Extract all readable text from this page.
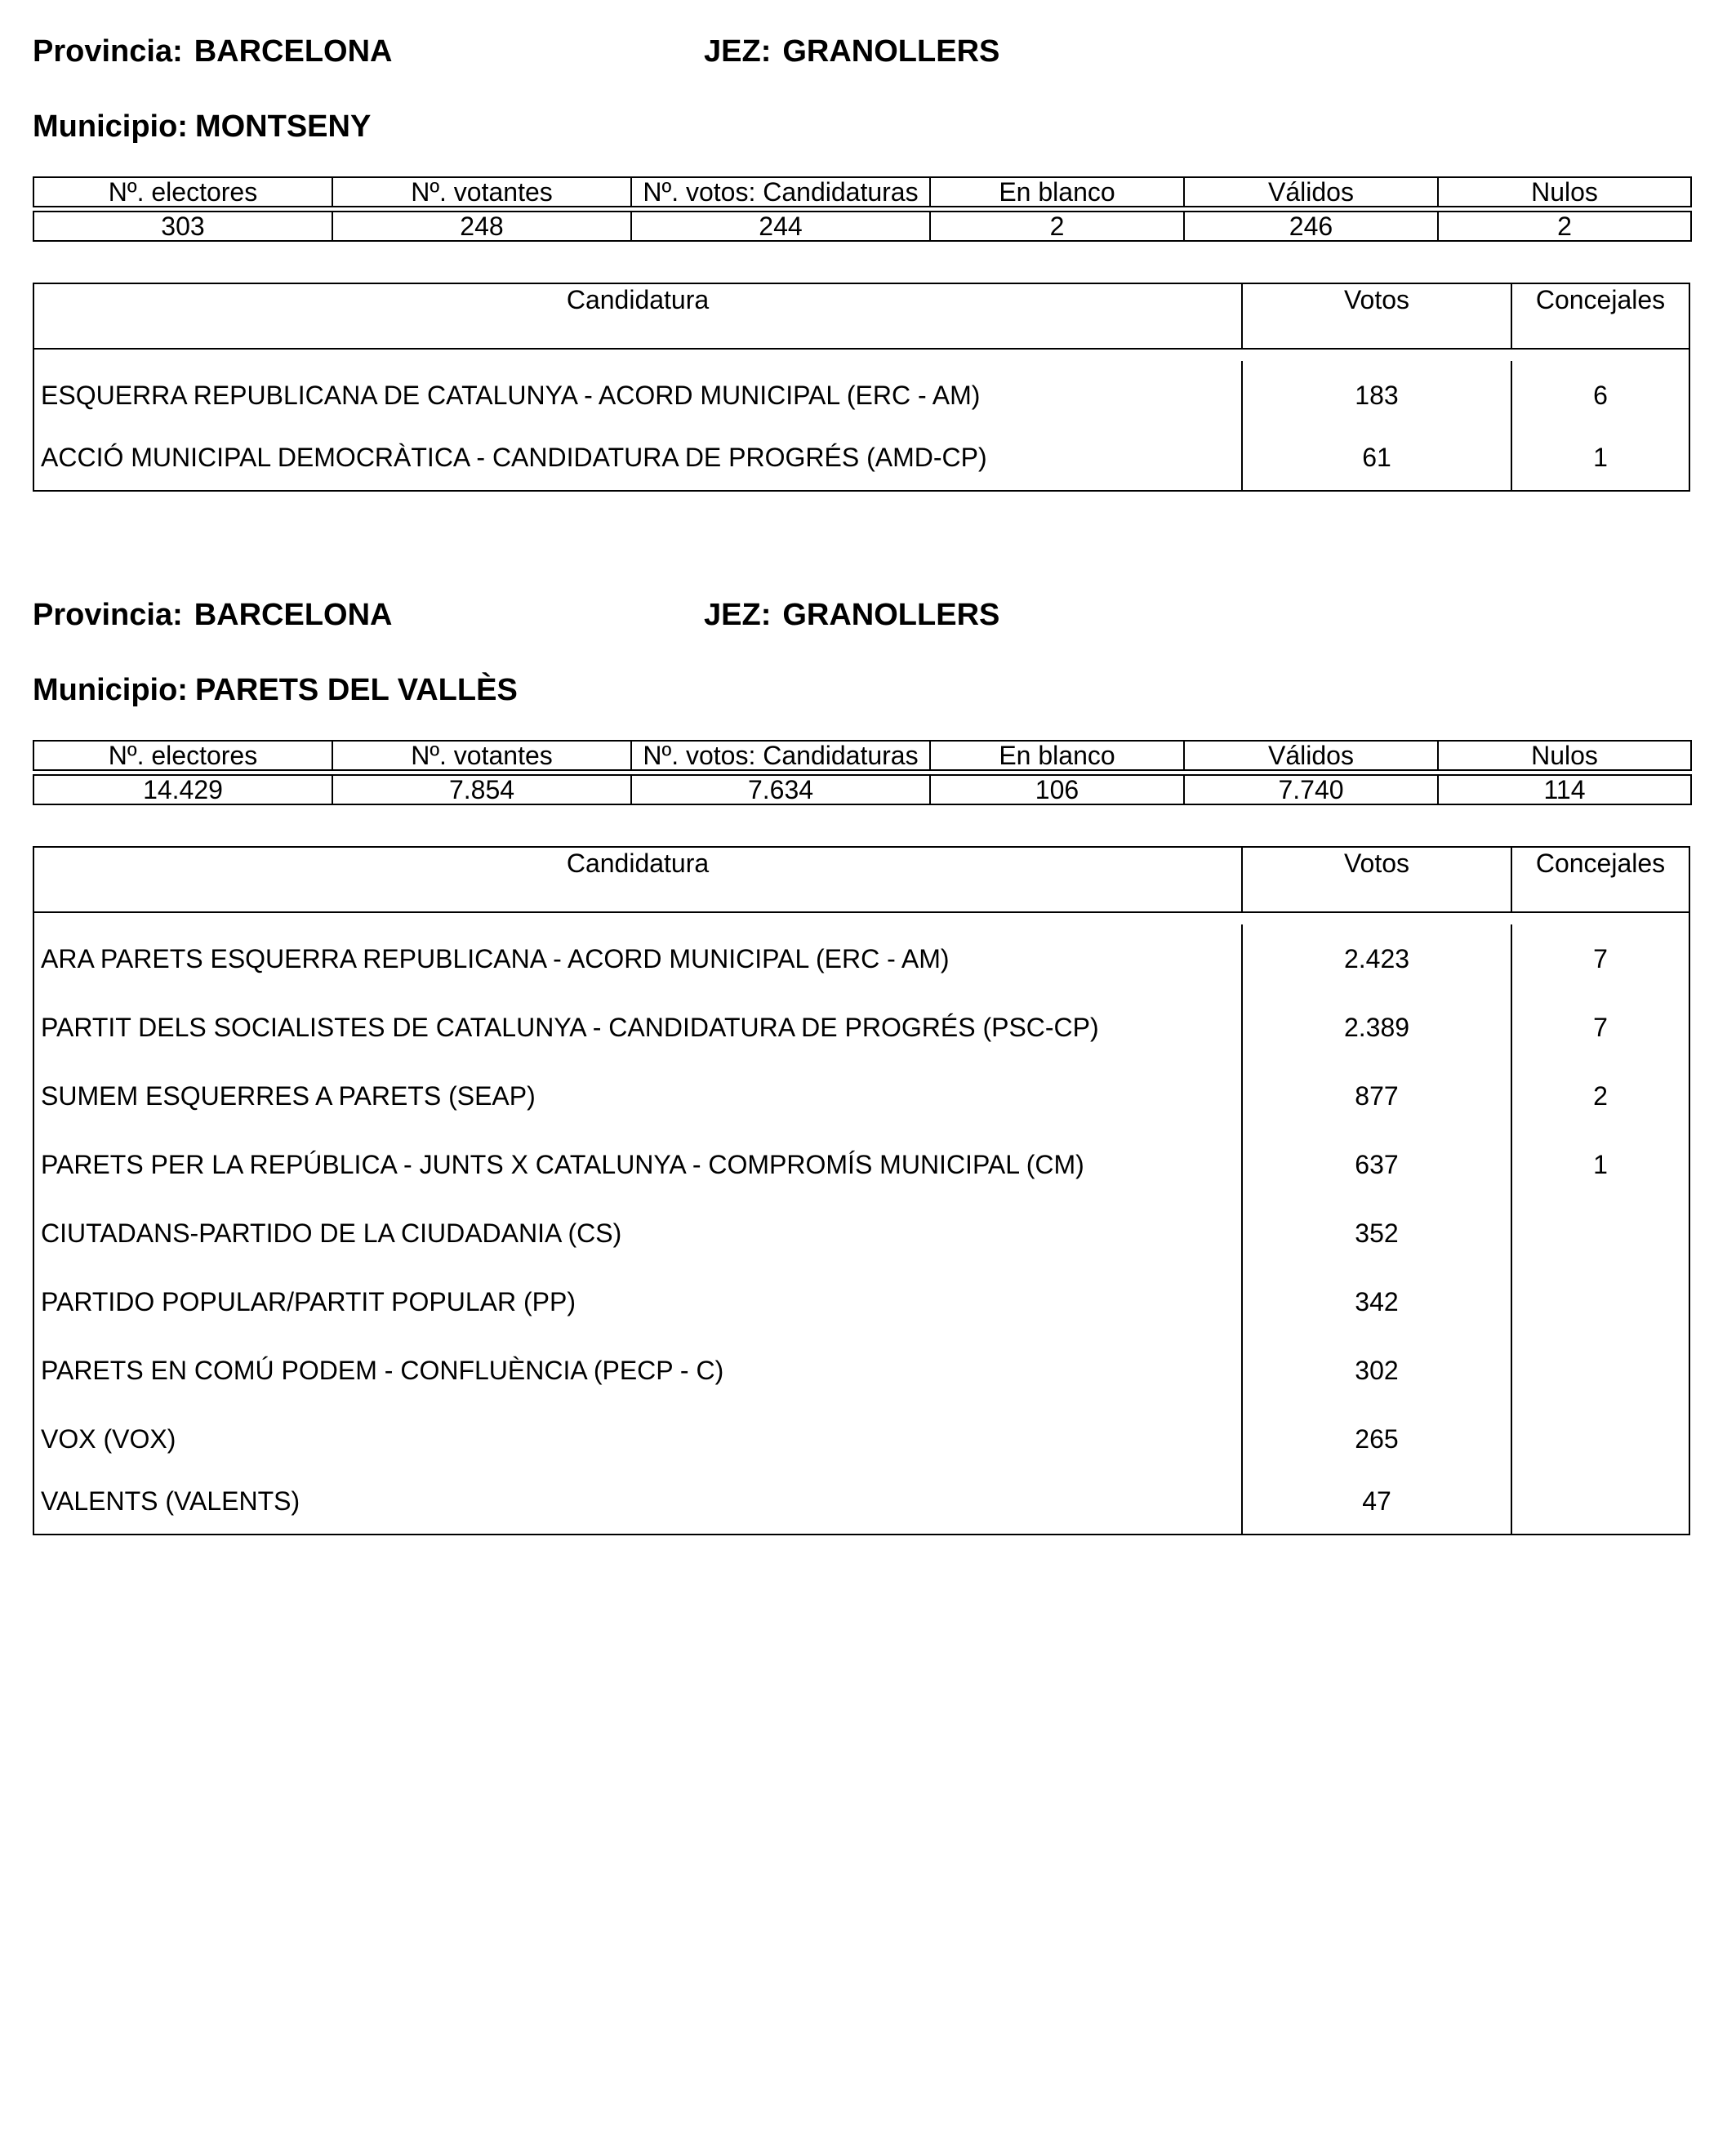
Provincia: BARCELONA	JEZ: GRANOLLERS
Municipio: MONTSENY
Nº. electores	Nº. votantes	Nº. votos: Candidaturas	En blanco	Válidos	Nulos

303	248	244	2	246	2
Candidatura	Votos	Concejales
ESQUERRA REPUBLICANA DE CATALUNYA - ACORD MUNICIPAL (ERC - AM)	183	6
ACCIÓ MUNICIPAL DEMOCRÀTICA - CANDIDATURA DE PROGRÉS (AMD-CP)	61	1
Provincia: BARCELONA	JEZ: GRANOLLERS
Municipio: PARETS DEL VALLÈS
Nº. electores	Nº. votantes	Nº. votos: Candidaturas	En blanco	Válidos	Nulos

14.429	7.854	7.634	106	7.740	114
Candidatura	Votos	Concejales
ARA PARETS ESQUERRA REPUBLICANA - ACORD MUNICIPAL (ERC - AM)	2.423	7
PARTIT DELS SOCIALISTES DE CATALUNYA - CANDIDATURA DE PROGRÉS (PSC-CP)	2.389	7
SUMEM ESQUERRES A PARETS (SEAP)	877	2
PARETS PER LA REPÚBLICA - JUNTS X CATALUNYA - COMPROMÍS MUNICIPAL (CM)	637	1
CIUTADANS-PARTIDO DE LA CIUDADANIA (CS)	352
PARTIDO POPULAR/PARTIT POPULAR (PP)	342
PARETS EN COMÚ PODEM - CONFLUÈNCIA (PECP - C)	302
VOX (VOX)	265
VALENTS (VALENTS)	47
